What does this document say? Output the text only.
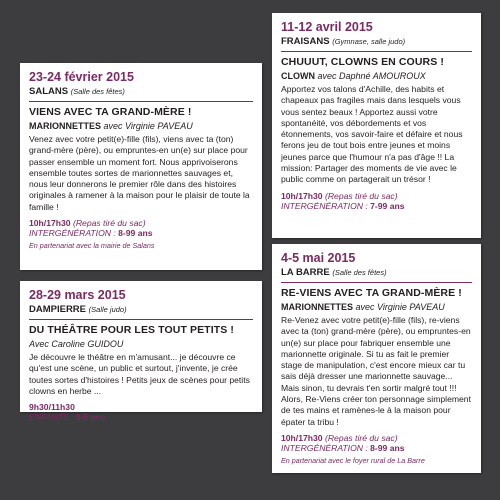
23-24 février 2015
SALANS (Salle des fêtes)
VIENS AVEC TA GRAND-MÈRE !
MARIONNETTES avec Virginie PAVEAU
Venez avec votre petit(e)-fille (fils), viens avec ta (ton) grand-mère (père), ou empruntes-en un(e) sur place pour passer ensemble un moment fort. Nous apprivoiserons ensemble toutes sortes de marionnettes sauvages et, nous leur donnerons le premier rôle dans des histoires originales à ramener à la maison pour le plaisir de toute la famille !
10h/17h30 (Repas tiré du sac)
INTERGÉNÉRATION : 8-99 ans
En partenariat avec la mairie de Salans
28-29 mars 2015
DAMPIERRE (Salle judo)
DU THÉÂTRE POUR LES TOUT PETITS !
Avec Caroline GUIDOU
Je découvre le théâtre en m'amusant... je découvre ce qu'est une scène, un public et surtout, j'invente, je crée toutes sortes d'histoires ! Petits jeux de scènes pour petits clowns en herbe ...
9h30/11h30
ENFANTS : 3-5 ans
11-12 avril 2015
FRAISANS (Gymnase, salle judo)
CHUUUT, CLOWNS EN COURS !
CLOWN avec Daphné AMOUROUX
Apportez vos talons d'Achille, des habits et chapeaux pas fragiles mais dans lesquels vous vous sentez beaux ! Apportez aussi votre spontanéité, vos débordements et vos étonnements, vos savoir-faire et défaire et nous ferons jeu de tout bois entre jeunes et moins jeunes parce que l'humour n'a pas d'âge !! La mission: Partager des moments de vie avec le public comme on partagerait un trésor !
10h/17h30 (Repas tiré du sac)
INTERGÉNÉRATION : 7-99 ans
4-5 mai 2015
LA BARRE (Salle des fêtes)
RE-VIENS AVEC TA GRAND-MÈRE !
MARIONNETTES avec Virginie PAVEAU
Re-Venez avec votre petit(e)-fille (fils), re-viens avec ta (ton) grand-mère (père), ou empruntes-en un(e) sur place pour fabriquer ensemble une marionnette originale. Si tu as fait le premier stage de manipulation, c'est encore mieux car tu sais déjà dresser une marionnette sauvage... Mais sinon, tu devrais t'en sortir malgré tout !!! Alors, Re-Viens créer ton personnage simplement de tes mains et ramènes-le à la maison pour épater ta tribu !
10h/17h30 (Repas tiré du sac)
INTERGÉNÉRATION : 8-99 ans
En partenariat avec le foyer rural de La Barre
